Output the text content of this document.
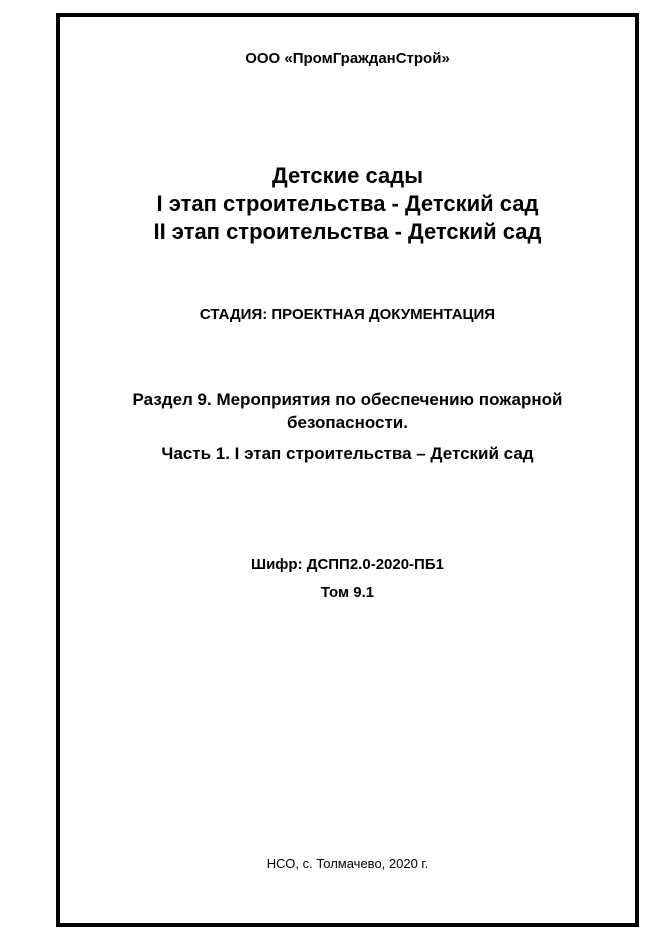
ООО «ПромГражданСтрой»
Детские сады
I этап строительства - Детский сад
II этап строительства - Детский сад
СТАДИЯ: ПРОЕКТНАЯ ДОКУМЕНТАЦИЯ
Раздел 9. Мероприятия по обеспечению пожарной
безопасности.
Часть 1. I этап строительства – Детский сад
Шифр: ДСПП2.0-2020-ПБ1
Том 9.1
НСО, с. Толмачево, 2020 г.
